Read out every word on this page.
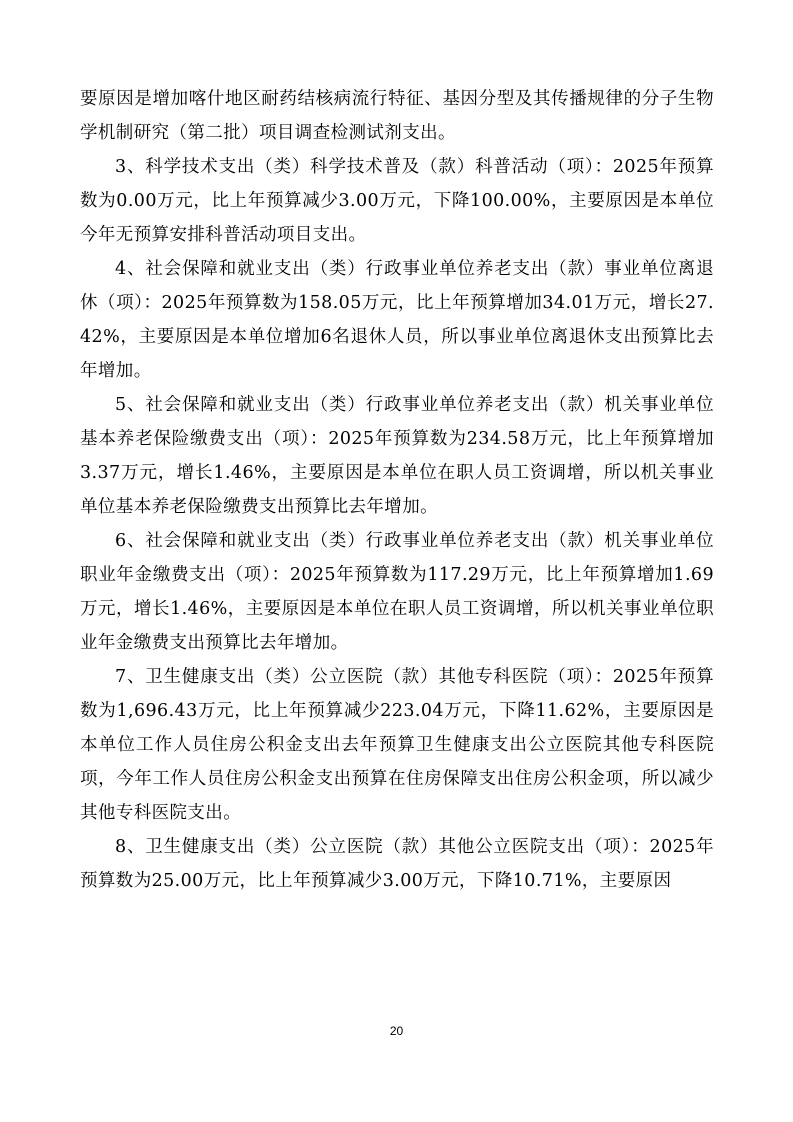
要原因是增加喀什地区耐药结核病流行特征、基因分型及其传播规律的分子生物学机制研究（第二批）项目调查检测试剂支出。

3、科学技术支出（类）科学技术普及（款）科普活动（项）：2025年预算数为0.00万元，比上年预算减少3.00万元，下降100.00%，主要原因是本单位今年无预算安排科普活动项目支出。

4、社会保障和就业支出（类）行政事业单位养老支出（款）事业单位离退休（项）：2025年预算数为158.05万元，比上年预算增加34.01万元，增长27.42%，主要原因是本单位增加6名退休人员，所以事业单位离退休支出预算比去年增加。

5、社会保障和就业支出（类）行政事业单位养老支出（款）机关事业单位基本养老保险缴费支出（项）：2025年预算数为234.58万元，比上年预算增加3.37万元，增长1.46%，主要原因是本单位在职人员工资调增，所以机关事业单位基本养老保险缴费支出预算比去年增加。

6、社会保障和就业支出（类）行政事业单位养老支出（款）机关事业单位职业年金缴费支出（项）：2025年预算数为117.29万元，比上年预算增加1.69万元，增长1.46%，主要原因是本单位在职人员工资调增，所以机关事业单位职业年金缴费支出预算比去年增加。

7、卫生健康支出（类）公立医院（款）其他专科医院（项）：2025年预算数为1,696.43万元，比上年预算减少223.04万元，下降11.62%，主要原因是本单位工作人员住房公积金支出去年预算卫生健康支出公立医院其他专科医院项，今年工作人员住房公积金支出预算在住房保障支出住房公积金项，所以减少其他专科医院支出。

8、卫生健康支出（类）公立医院（款）其他公立医院支出（项）：2025年预算数为25.00万元，比上年预算减少3.00万元，下降10.71%，主要原因

20
